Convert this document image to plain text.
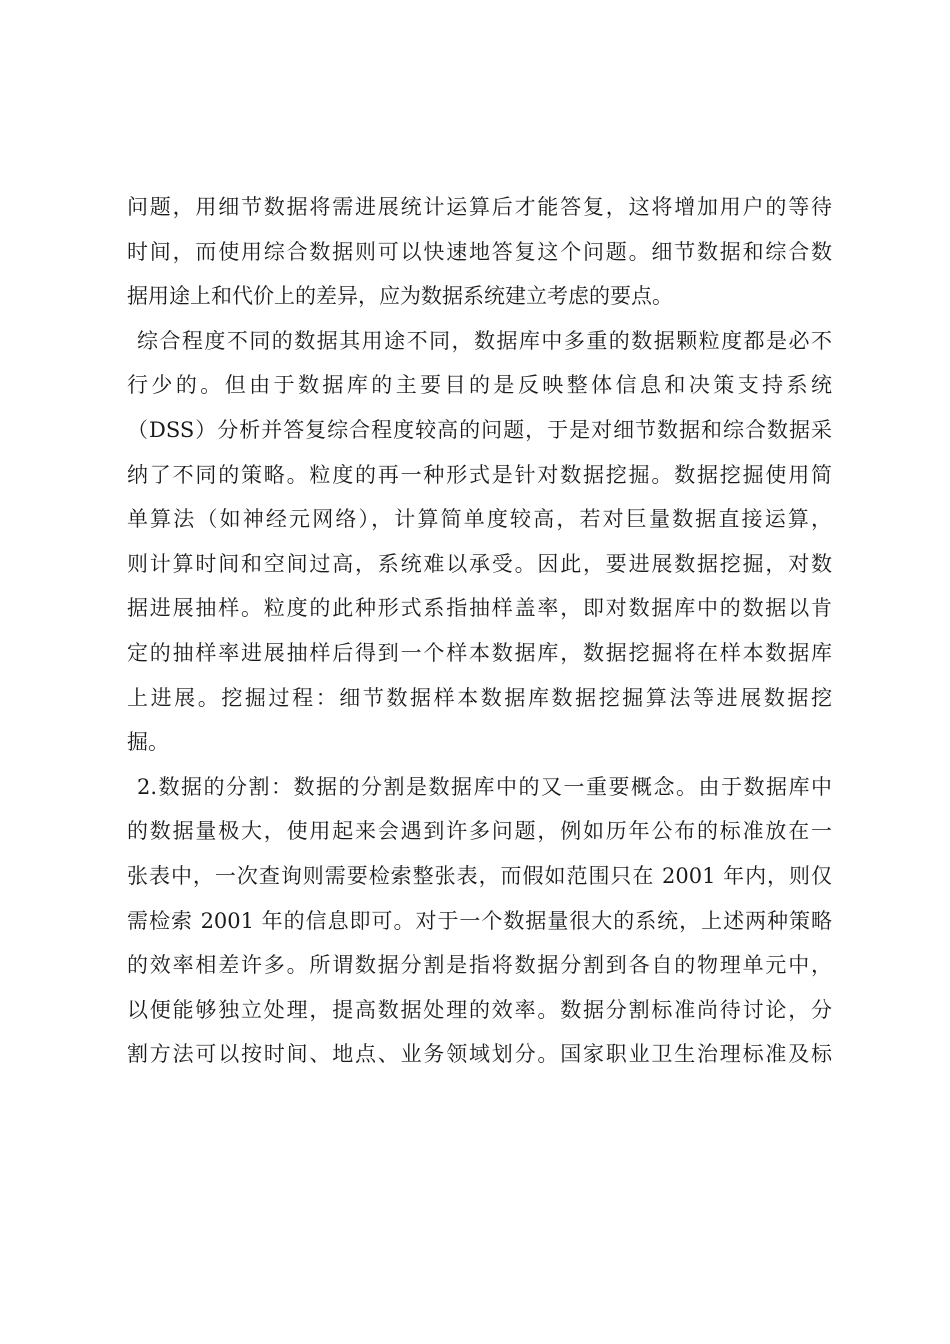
问题，用细节数据将需进展统计运算后才能答复，这将增加用户的等待
时间，而使用综合数据则可以快速地答复这个问题。细节数据和综合数
据用途上和代价上的差异，应为数据系统建立考虑的要点。
综合程度不同的数据其用途不同，数据库中多重的数据颗粒度都是必不
行少的。但由于数据库的主要目的是反映整体信息和决策支持系统
（DSS）分析并答复综合程度较高的问题，于是对细节数据和综合数据采
纳了不同的策略。粒度的再一种形式是针对数据挖掘。数据挖掘使用简
单算法（如神经元网络），计算简单度较高，若对巨量数据直接运算，
则计算时间和空间过高，系统难以承受。因此，要进展数据挖掘，对数
据进展抽样。粒度的此种形式系指抽样盖率，即对数据库中的数据以肯
定的抽样率进展抽样后得到一个样本数据库，数据挖掘将在样本数据库
上进展。挖掘过程：细节数据样本数据库数据挖掘算法等进展数据挖
掘。
2.数据的分割：数据的分割是数据库中的又一重要概念。由于数据库中
的数据量极大，使用起来会遇到许多问题，例如历年公布的标准放在一
张表中，一次查询则需要检索整张表，而假如范围只在 2001 年内，则仅
需检索 2001 年的信息即可。对于一个数据量很大的系统，上述两种策略
的效率相差许多。所谓数据分割是指将数据分割到各自的物理单元中，
以便能够独立处理，提高数据处理的效率。数据分割标准尚待讨论，分
割方法可以按时间、地点、业务领域划分。国家职业卫生治理标准及标
